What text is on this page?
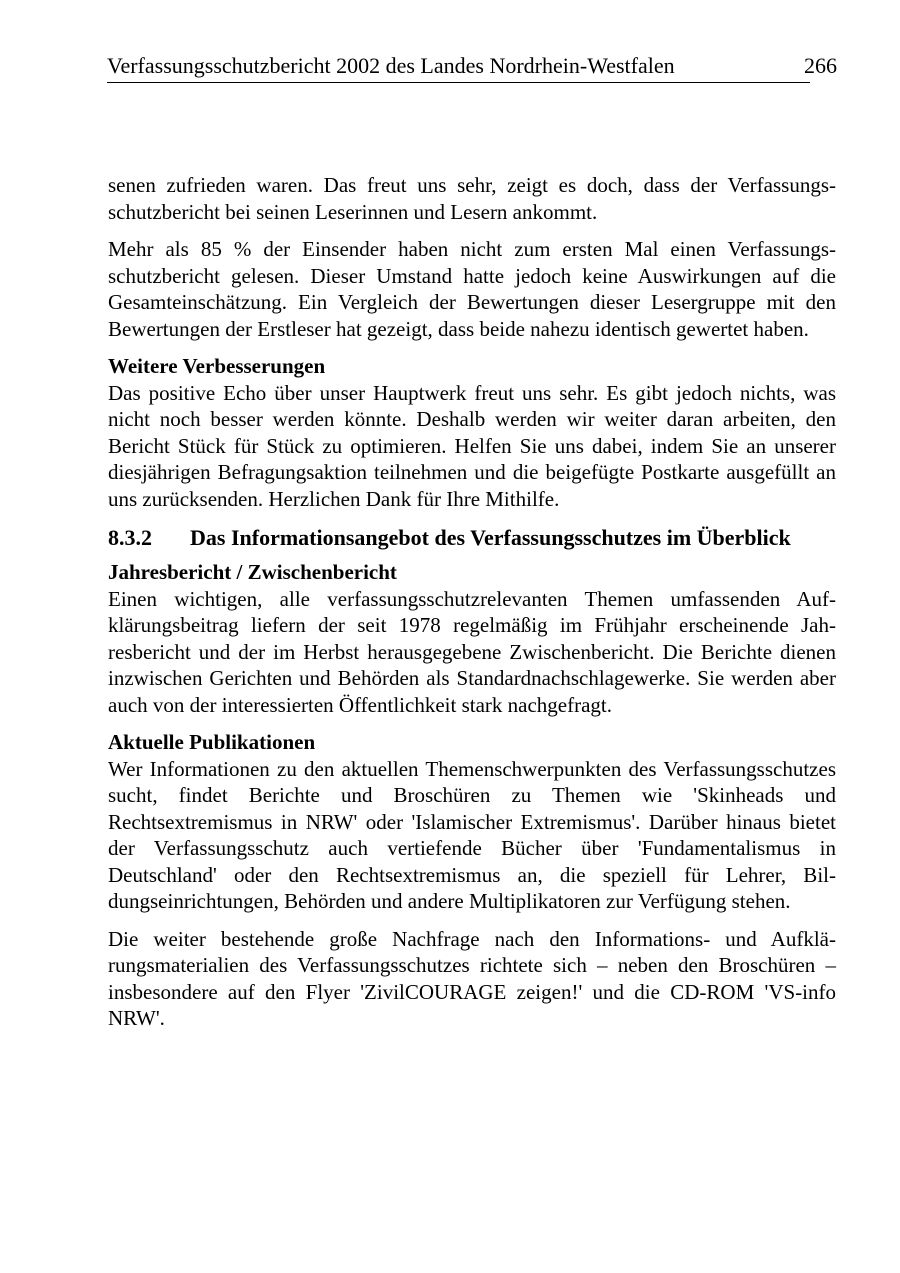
Verfassungsschutzbericht 2002 des Landes Nordrhein-Westfalen	266

senen zufrieden waren. Das freut uns sehr, zeigt es doch, dass der Verfassungsschutzbericht bei seinen Leserinnen und Lesern ankommt.

Mehr als 85 % der Einsender haben nicht zum ersten Mal einen Verfassungsschutzbericht gelesen. Dieser Umstand hatte jedoch keine Auswirkungen auf die Gesamteinschätzung. Ein Vergleich der Bewertungen dieser Lesergruppe mit den Bewertungen der Erstleser hat gezeigt, dass beide nahezu identisch gewertet haben.

Weitere Verbesserungen

Das positive Echo über unser Hauptwerk freut uns sehr. Es gibt jedoch nichts, was nicht noch besser werden könnte. Deshalb werden wir weiter daran arbeiten, den Bericht Stück für Stück zu optimieren. Helfen Sie uns dabei, indem Sie an unserer diesjährigen Befragungsaktion teilnehmen und die beigefügte Postkarte ausgefüllt an uns zurücksenden. Herzlichen Dank für Ihre Mithilfe.

8.3.2	Das Informationsangebot des Verfassungsschutzes im Überblick
Jahresbericht / Zwischenbericht

Einen wichtigen, alle verfassungsschutzrelevanten Themen umfassenden Aufklärungsbeitrag liefern der seit 1978 regelmäßig im Frühjahr erscheinende Jahresbericht und der im Herbst herausgegebene Zwischenbericht. Die Berichte dienen inzwischen Gerichten und Behörden als Standardnachschlagewerke. Sie werden aber auch von der interessierten Öffentlichkeit stark nachgefragt.

Aktuelle Publikationen

Wer Informationen zu den aktuellen Themenschwerpunkten des Verfassungsschutzes sucht, findet Berichte und Broschüren zu Themen wie 'Skinheads und Rechtsextremismus in NRW' oder 'Islamischer Extremismus'. Darüber hinaus bietet der Verfassungsschutz auch vertiefende Bücher über 'Fundamentalismus in Deutschland' oder den Rechtsextremismus an, die speziell für Lehrer, Bildungseinrichtungen, Behörden und andere Multiplikatoren zur Verfügung stehen.

Die weiter bestehende große Nachfrage nach den Informations- und Aufklärungsmaterialien des Verfassungsschutzes richtete sich – neben den Broschüren – insbesondere auf den Flyer 'ZivilCOURAGE zeigen!' und die CD-ROM 'VS-info NRW'.
